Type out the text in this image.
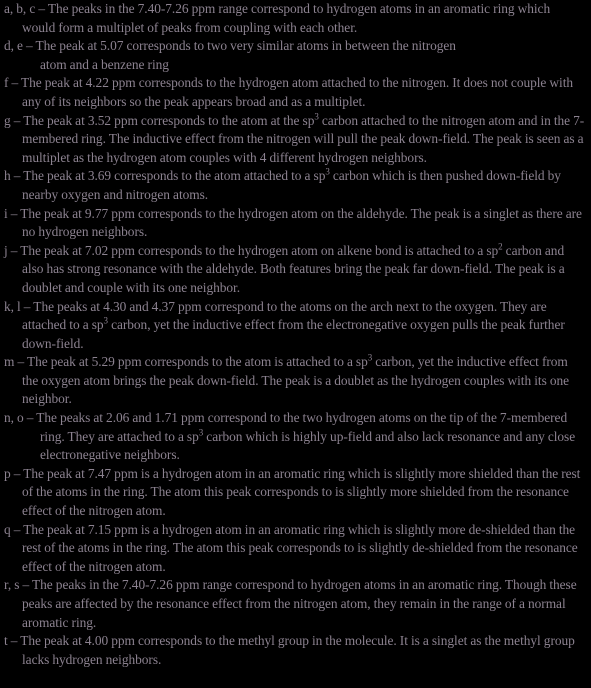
a, b, c – The peaks in the 7.40-7.26 ppm range correspond to hydrogen atoms in an aromatic ring which would form a multiplet of peaks from coupling with each other.
d, e – The peak at 5.07 corresponds to two very similar atoms in between the nitrogen
atom and a benzene ring
f – The peak at 4.22 ppm corresponds to the hydrogen atom attached to the nitrogen. It does not couple with any of its neighbors so the peak appears broad and as a multiplet.
g – The peak at 3.52 ppm corresponds to the atom at the $sp^3$ carbon attached to the nitrogen atom and in the 7-membered ring. The inductive effect from the nitrogen will pull the peak down-field. The peak is seen as a multiplet as the hydrogen atom couples with 4 different hydrogen neighbors.
h – The peak at 3.69 corresponds to the atom attached to a $sp^3$ carbon which is then pushed down-field by nearby oxygen and nitrogen atoms.
i – The peak at 9.77 ppm corresponds to the hydrogen atom on the aldehyde. The peak is a singlet as there are no hydrogen neighbors.
j – The peak at 7.02 ppm corresponds to the hydrogen atom on alkene bond is attached to a $sp^2$ carbon and also has strong resonance with the aldehyde. Both features bring the peak far down-field. The peak is a doublet and couple with its one neighbor.
k, l – The peaks at 4.30 and 4.37 ppm correspond to the atoms on the arch next to the oxygen. They are attached to a $sp^3$ carbon, yet the inductive effect from the electronegative oxygen pulls the peak further down-field.
m – The peak at 5.29 ppm corresponds to the atom is attached to a $sp^3$ carbon, yet the inductive effect from the oxygen atom brings the peak down-field. The peak is a doublet as the hydrogen couples with its one neighbor.
n, o – The peaks at 2.06 and 1.71 ppm correspond to the two hydrogen atoms on the tip of the 7-membered ring. They are attached to a $sp^3$ carbon which is highly up-field and also lack resonance and any close electronegative neighbors.
p – The peak at 7.47 ppm is a hydrogen atom in an aromatic ring which is slightly more shielded than the rest of the atoms in the ring. The atom this peak corresponds to is slightly more shielded from the resonance effect of the nitrogen atom.
q – The peak at 7.15 ppm is a hydrogen atom in an aromatic ring which is slightly more de-shielded than the rest of the atoms in the ring. The atom this peak corresponds to is slightly de-shielded from the resonance effect of the nitrogen atom.
r, s – The peaks in the 7.40-7.26 ppm range correspond to hydrogen atoms in an aromatic ring. Though these peaks are affected by the resonance effect from the nitrogen atom, they remain in the range of a normal aromatic ring.
t – The peak at 4.00 ppm corresponds to the methyl group in the molecule. It is a singlet as the methyl group lacks hydrogen neighbors.
